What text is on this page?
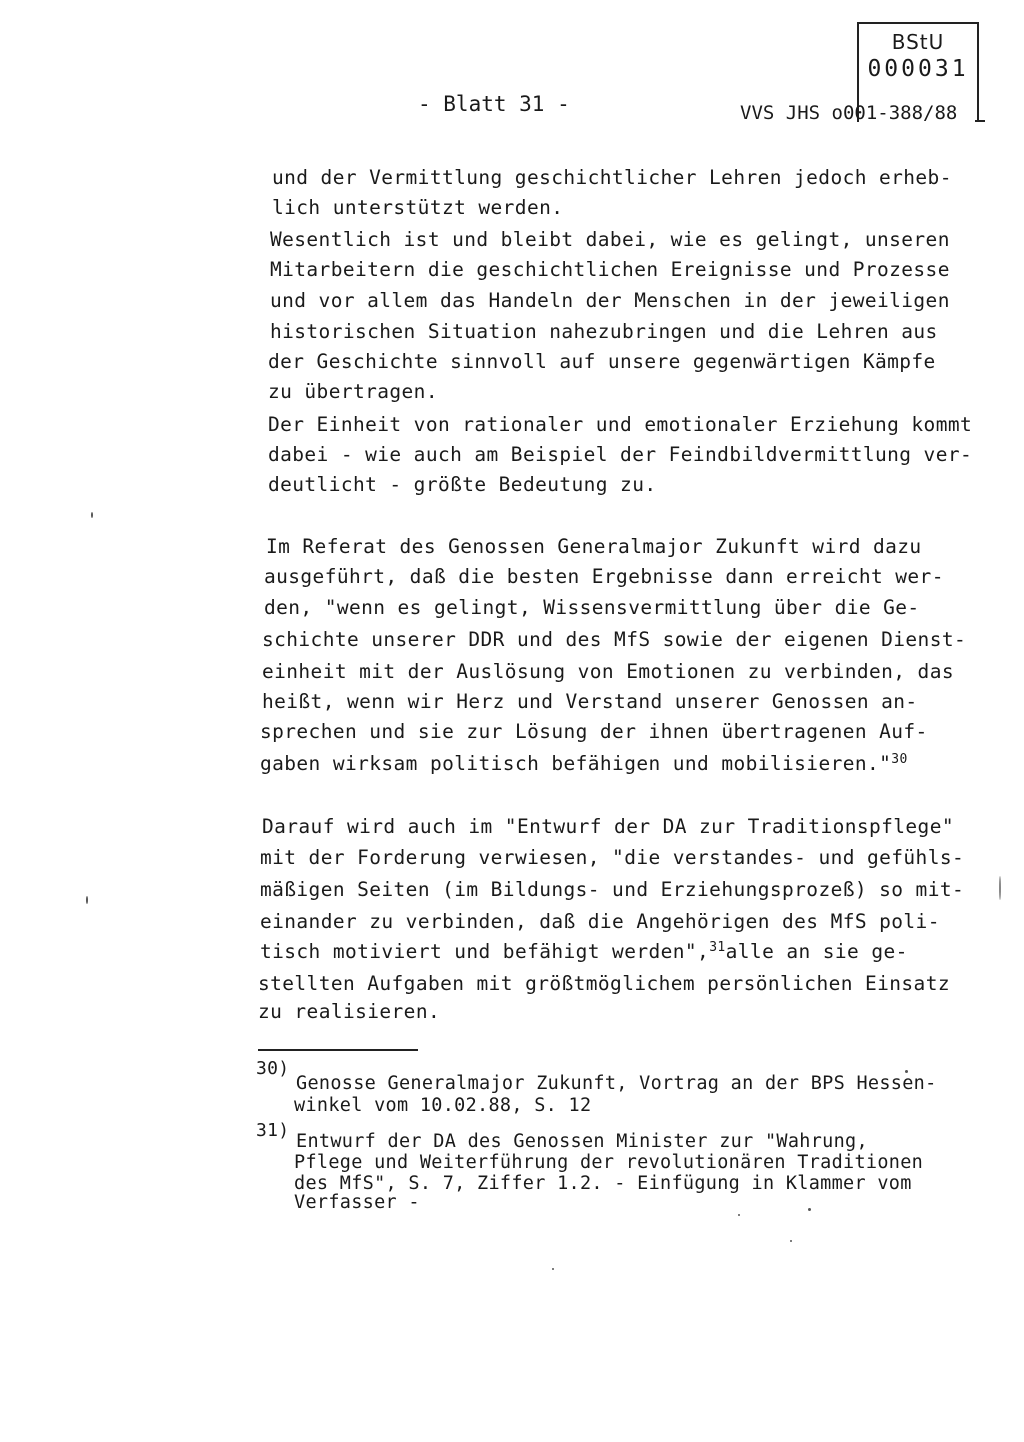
BStU
000031
- Blatt 31 -	VVS JHS o001-388/88
und der Vermittlung geschichtlicher Lehren jedoch erheb-
lich unterstützt werden.
Wesentlich ist und bleibt dabei, wie es gelingt, unseren
Mitarbeitern die geschichtlichen Ereignisse und Prozesse
und vor allem das Handeln der Menschen in der jeweiligen
historischen Situation nahezubringen und die Lehren aus
der Geschichte sinnvoll auf unsere gegenwärtigen Kämpfe
zu übertragen.
Der Einheit von rationaler und emotionaler Erziehung kommt
dabei - wie auch am Beispiel der Feindbildvermittlung ver-
deutlicht - größte Bedeutung zu.
Im Referat des Genossen Generalmajor Zukunft wird dazu
ausgeführt, daß die besten Ergebnisse dann erreicht wer-
den, "wenn es gelingt, Wissensvermittlung über die Ge-
schichte unserer DDR und des MfS sowie der eigenen Dienst-
einheit mit der Auslösung von Emotionen zu verbinden, das
heißt, wenn wir Herz und Verstand unserer Genossen an-
sprechen und sie zur Lösung der ihnen übertragenen Auf-
gaben wirksam politisch befähigen und mobilisieren."$^{30}$
Darauf wird auch im "Entwurf der DA zur Traditionspflege"
mit der Forderung verwiesen, "die verstandes- und gefühls-
mäßigen Seiten (im Bildungs- und Erziehungsprozeß) so mit-
einander zu verbinden, daß die Angehörigen des MfS poli-
tisch motiviert und befähigt werden",$^{31}$alle an sie ge-
stellten Aufgaben mit größtmöglichem persönlichen Einsatz
zu realisieren.
30)
Genosse Generalmajor Zukunft, Vortrag an der BPS Hessen-
winkel vom 10.02.88, S. 12
31)
Entwurf der DA des Genossen Minister zur "Wahrung,
Pflege und Weiterführung der revolutionären Traditionen
des MfS", S. 7, Ziffer 1.2. - Einfügung in Klammer vom
Verfasser -
